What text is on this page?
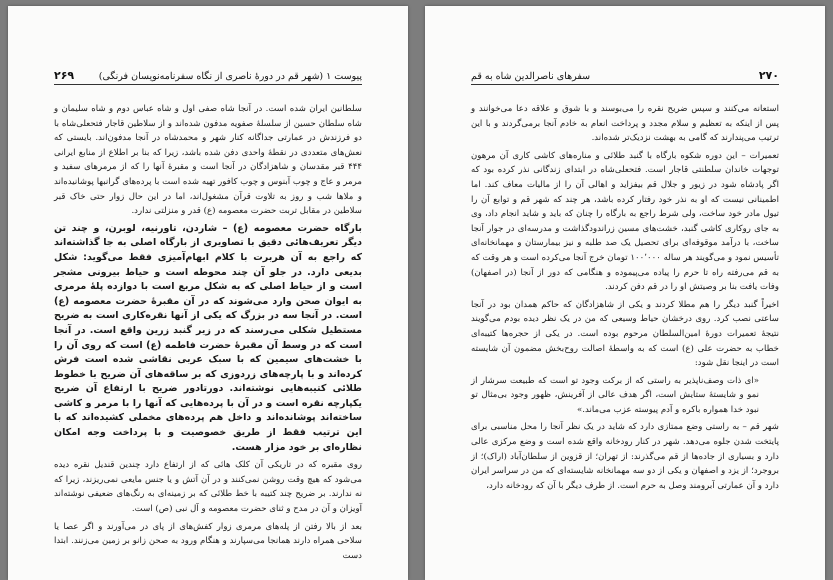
۲۶۹	پیوست ۱ (شهر قم در دورهٔ ناصری از نگاه سفرنامه‌نویسان فرنگی)

سلطانین ایران شده است. در آنجا شاه صفی اول و شاه عباس دوم و شاه سلیمان و شاه سلطان حسین از سلسلهٔ صفویه مدفون شده‌اند و از سلاطین قاجار فتحعلی‌شاه با دو فرزندش در عمارتی جداگانه کنار شهر و محمدشاه در آنجا مدفون‌اند. بایستی که نعش‌های متعددی در نقطهٔ واحدی دفن شده باشد، زیرا که بنا بر اطلاع از منابع ایرانی ۴۴۴ قبر مقدسان و شاهزادگان در آنجا است و مقبرهٔ آنها را که از مرمرهای سفید و مرمر و عاج و چوب آبنوس و چوب کافور تهیه شده است با پرده‌های گرانبها پوشانیده‌اند و ملاها شب و روز به تلاوت قرآن مشغول‌اند، اما در این حال زوار حتی خاک قبر سلاطین در مقابل تربت حضرت معصومه (ع) قدر و منزلتی ندارد.

بارگاه حضرت معصومه (ع) – شاردن، تاورنیه، لوبرن، و چند تن دیگر تعریف‌هائی دقیق با تصاویری از بارگاه اصلی به جا گذاشته‌اند که راجع به آن هربرت با کلام ابهام‌آمیزی فقط می‌گوید: شکل بدیعی دارد. در جلو آن چند محوطه است و حیاط بیرونی مشجر است و از حیاط اصلی که به شکل مربع است با دوازده پلهٔ مرمری به ایوان صحن وارد می‌شوند که در آن مقبرهٔ حضرت معصومه (ع) است. در آنجا سه در بزرگ که یکی از آنها نقره‌کاری است به ضریح مستطیل شکلی می‌رسند که در زیر گنبد زرین واقع است. در آنجا است که در وسط آن مقبرهٔ حضرت فاطمه (ع) است که روی آن را با خشت‌های سیمین که با سبک عربی نقاشی شده است فرش کرده‌اند و با پارچه‌های زردوزی که بر ساقه‌های آن ضریح با خطوط طلائی کتیبه‌هایی نوشته‌اند. دورتادور ضریح با ارتفاع آن ضریح یکپارچه نقره است و در آن با پرده‌هایی که آنها را با مرمر و کاشی ساخته‌اند پوشانده‌اند و داخل هم پرده‌های مخملی کشیده‌اند که با این ترتیب فقط از طریق خصوصیت و با پرداخت وجه امکان نظاره‌ای بر خود مزار هست.

روی مقبره که در تاریکی آن کلک هائی که از ارتفاع دارد چندین قندیل نقره دیده می‌شود که هیچ وقت روشن نمی‌کنند و در آن آتش و یا جنس مایعی نمی‌ریزند، زیرا که نه ندارند. بر ضریح چند کتیبه با خط طلائی که بر زمینه‌ای به رنگ‌های ضعیفی نوشته‌اند آویزان و آن در مدح و ثنای حضرت معصومه و آل نبی (ص) است.

بعد از بالا رفتن از پله‌های مرمری زوار کفش‌های از پای در می‌آورند و اگر عصا یا سلاحی همراه دارند همانجا می‌سپارند و هنگام ورود به صحن زانو بر زمین می‌زنند. ابتدا دست

۲۷۰
سفرهای ناصرالدین شاه به قم

استعانه می‌کنند و سپس ضریح نقره را می‌بوسند و با شوق و علاقه دعا می‌خوانند و پس از اینکه به تعظیم و سلام مجدد و پرداخت انعام به خادم آنجا برمی‌گردند و با این ترتیب می‌پندارند که گامی به بهشت نزدیک‌تر شده‌اند.

تعمیرات – این دوره شکوه بارگاه با گنبد طلائی و مناره‌های کاشی کاری آن مرهون توجهات خاندان سلطنتی قاجار است. فتحعلی‌شاه در ابتدای زندگانی نذر کرده بود که اگر پادشاه شود در زیور و جلال قم بیفزاید و اهالی آن را از مالیات معاف کند. اما اطمینانی نیست که او به نذر خود رفتار کرده باشد، هر چند که شهر قم و توابع آن را تیول مادر خود ساخت، ولی شرط راجع به بارگاه را چنان که باید و شاید انجام داد، وی به جای روکاری کاشی گنبد، خشت‌های مسین زراندودگذاشت و مدرسه‌ای در جوار آنجا ساخت، با درآمد موقوفه‌ای برای تحصیل یک صد طلبه و نیز بیمارستان و مهمانخانه‌ای تأسیس نمود و می‌گویند هر ساله ۱۰۰٬۰۰۰ تومان خرج آنجا می‌کرده است و هر وقت که به قم می‌رفته راه تا حرم را پیاده می‌پیموده و هنگامی که دور از آنجا (در اصفهان) وفات یافت بنا بر وصیتش او را در قم دفن کردند.

اخیراً گنبد دیگر را هم مطلا کردند و یکی از شاهزادگان که حاکم همدان بود در آنجا ساعتی نصب کرد. روی درخشان حیاط وسیعی که من در یک نظر دیده بودم می‌گویند نتیجهٔ تعمیرات دورهٔ امین‌السلطان مرحوم بوده است. در یکی از حجره‌ها کتیبه‌ای خطاب به حضرت علی (ع) است که به واسطهٔ اصالت روح‌بخش مضمون آن شایسته است در اینجا نقل شود:

«ای ذات وصف‌ناپذیر به راستی که از برکت وجود تو است که طبیعت سرشار از نمو و شایستهٔ ستایش است، اگر هدف عالی از آفرینش، ظهور وجود بی‌مثال تو نبود خدا همواره باکره و آدم پیوسته عزب می‌ماند.»

شهر قم – به راستی وضع ممتازی دارد که شاید در یک نظر آنجا را محل مناسبی برای پایتخت شدن جلوه می‌دهد. شهر در کنار رودخانه واقع شده است و وضع مرکزی عالی دارد و بسیاری از جاده‌ها از قم می‌گذرند: از تهران؛ از قزوین از سلطان‌آباد (اراک)؛ از بروجرد؛ از یزد و اصفهان و یکی از دو سه مهمانخانه شایسته‌ای که من در سراسر ایران دارد و آن عمارتی آبرومند وصل به حرم است. از طرف دیگر با آن که رودخانه دارد،
